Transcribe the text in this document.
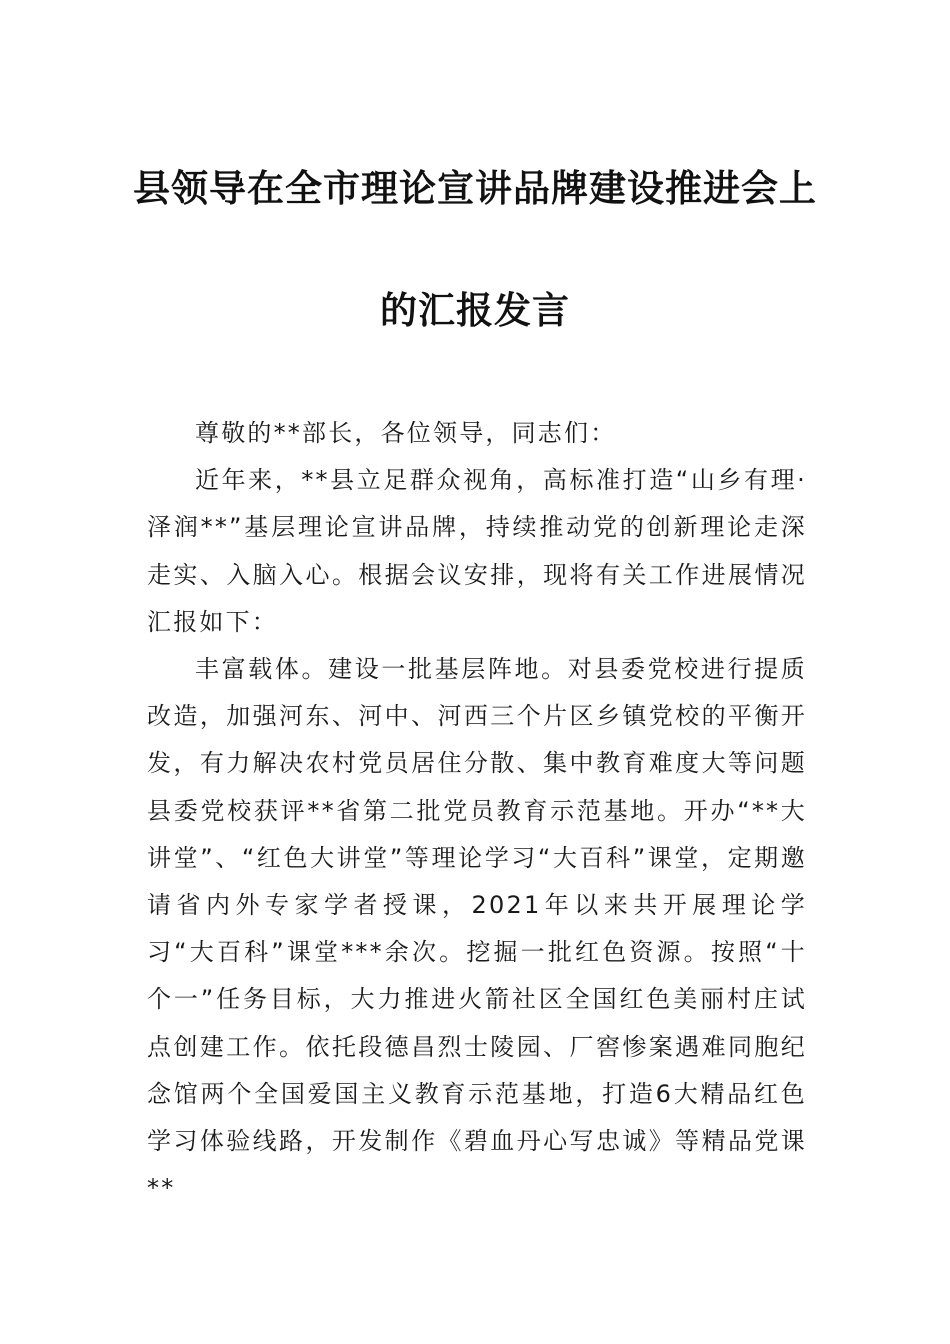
县领导在全市理论宣讲品牌建设推进会上
的汇报发言

尊敬的**部长，各位领导，同志们：

近年来，**县立足群众视角，高标准打造“山乡有理·泽润**”基层理论宣讲品牌，持续推动党的创新理论走深走实、入脑入心。根据会议安排，现将有关工作进展情况汇报如下：

丰富载体。建设一批基层阵地。对县委党校进行提质改造，加强河东、河中、河西三个片区乡镇党校的平衡开发，有力解决农村党员居住分散、集中教育难度大等问题县委党校获评**省第二批党员教育示范基地。开办“**大讲堂”、“红色大讲堂”等理论学习“大百科”课堂，定期邀请省内外专家学者授课，2021年以来共开展理论学习“大百科”课堂***余次。挖掘一批红色资源。按照“十个一”任务目标，大力推进火箭社区全国红色美丽村庄试点创建工作。依托段德昌烈士陵园、厂窖惨案遇难同胞纪念馆两个全国爱国主义教育示范基地，打造6大精品红色学习体验线路，开发制作《碧血丹心写忠诚》等精品党课**
